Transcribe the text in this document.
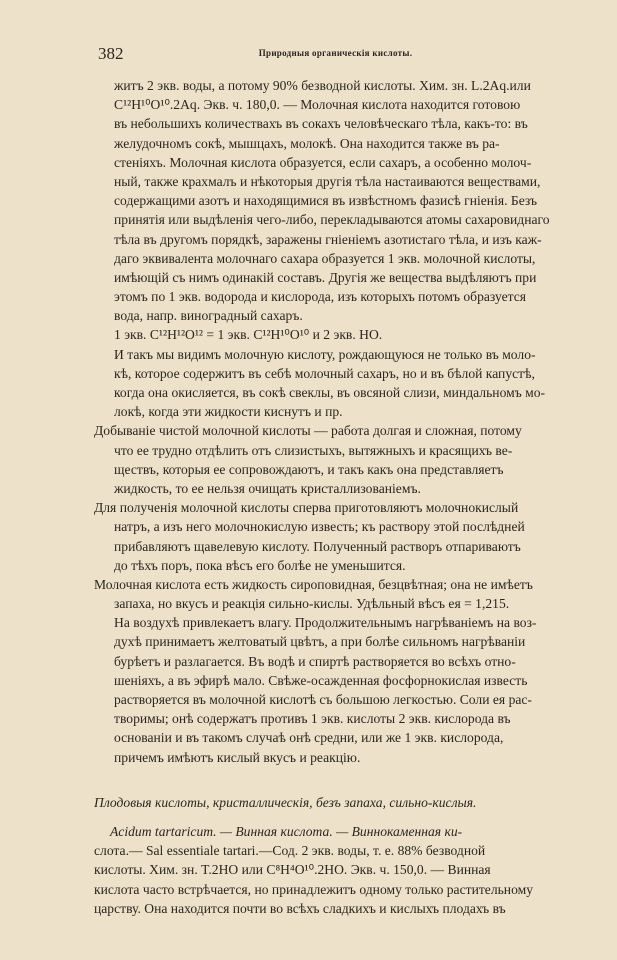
382	Природныя органическія кислоты.
житъ 2 экв. воды, а потому 90% безводной кислоты. Хим. зн. L.2Aq.или
C¹²H¹⁰O¹⁰.2Aq. Экв. ч. 180,0. — Молочная кислота находится готовою
въ небольшихъ количествахъ въ сокахъ человѣческаго тѣла, какъ-то: въ
желудочномъ сокѣ, мышцахъ, молокѣ. Она находится также въ ра-
стеніяхъ. Молочная кислота образуется, если сахаръ, а особенно молоч-
ный, также крахмалъ и нѣкоторыя другія тѣла настаиваются веществами,
содержащими азотъ и находящимися въ извѣстномъ фазисѣ гніенія. Безъ
принятія или выдѣленія чего-либо, перекладываются атомы сахаровиднаго
тѣла въ другомъ порядкѣ, заражены гніеніемъ азотистаго тѣла, и изъ каж-
даго эквивалента молочнаго сахара образуется 1 экв. молочной кислоты,
имѣющій съ нимъ одинакій составъ. Другія же вещества выдѣляютъ при
этомъ по 1 экв. водорода и кислорода, изъ которыхъ потомъ образуется
вода, напр. виноградный сахаръ.
1 экв. C¹²H¹²O¹² = 1 экв. C¹²H¹⁰O¹⁰ и 2 экв. HO.
И такъ мы видимъ молочную кислоту, рождающуюся не только въ моло-
кѣ, которое содержитъ въ себѣ молочный сахаръ, но и въ бѣлой капустѣ,
когда она окисляется, въ сокѣ свеклы, въ овсяной слизи, миндальномъ мо-
локѣ, когда эти жидкости киснутъ и пр.
Добываніе чистой молочной кислоты — работа долгая и сложная, потому
что ее трудно отдѣлить отъ слизистыхъ, вытяжныхъ и красящихъ ве-
ществъ, которыя ее сопровождаютъ, и такъ какъ она представляетъ
жидкость, то ее нельзя очищать кристаллизованіемъ.
Для полученія молочной кислоты сперва приготовляютъ молочнокислый
натръ, а изъ него молочнокислую известь; къ раствору этой послѣдней
прибавляютъ щавелевую кислоту. Полученный растворъ отпариваютъ
до тѣхъ поръ, пока вѣсъ его болѣе не уменьшится.
Молочная кислота есть жидкость сиропoвидная, безцвѣтная; она не имѣетъ
запаха, но вкусъ и реакція сильно-кислы. Удѣльный вѣсъ ея = 1,215.
На воздухѣ привлекаетъ влагу. Продолжительнымъ нагрѣваніемъ на воз-
духѣ принимаетъ желтоватый цвѣтъ, а при болѣе сильномъ нагрѣваніи
бурѣетъ и разлагается. Въ водѣ и спиртѣ растворяется во всѣхъ отно-
шеніяхъ, а въ эфирѣ мало. Свѣже-осажденная фосфорнокислая известь
растворяется въ молочной кислотѣ съ большою легкостью. Соли ея рас-
творимы; онѣ содержатъ противъ 1 экв. кислоты 2 экв. кислорода въ
основаніи и въ такомъ случаѣ онѣ средни, или же 1 экв. кислорода,
причемъ имѣютъ кислый вкусъ и реакцію.
Плодовыя кислоты, кристаллическія, безъ запаха, сильно-кислыя.
Acidum tartaricum. — Винная кислота. — Виннокаменная ки-
слота.— Sal essentiale tartari.—Сод. 2 экв. воды, т. е. 88% безводной
кислоты. Хим. зн. T.2HO или C⁸H⁴O¹⁰.2HO. Экв. ч. 150,0. — Винная
кислота часто встрѣчается, но принадлежитъ одному только растительному
царству. Она находится почти во всѣхъ сладкихъ и кислыхъ плодахъ въ
